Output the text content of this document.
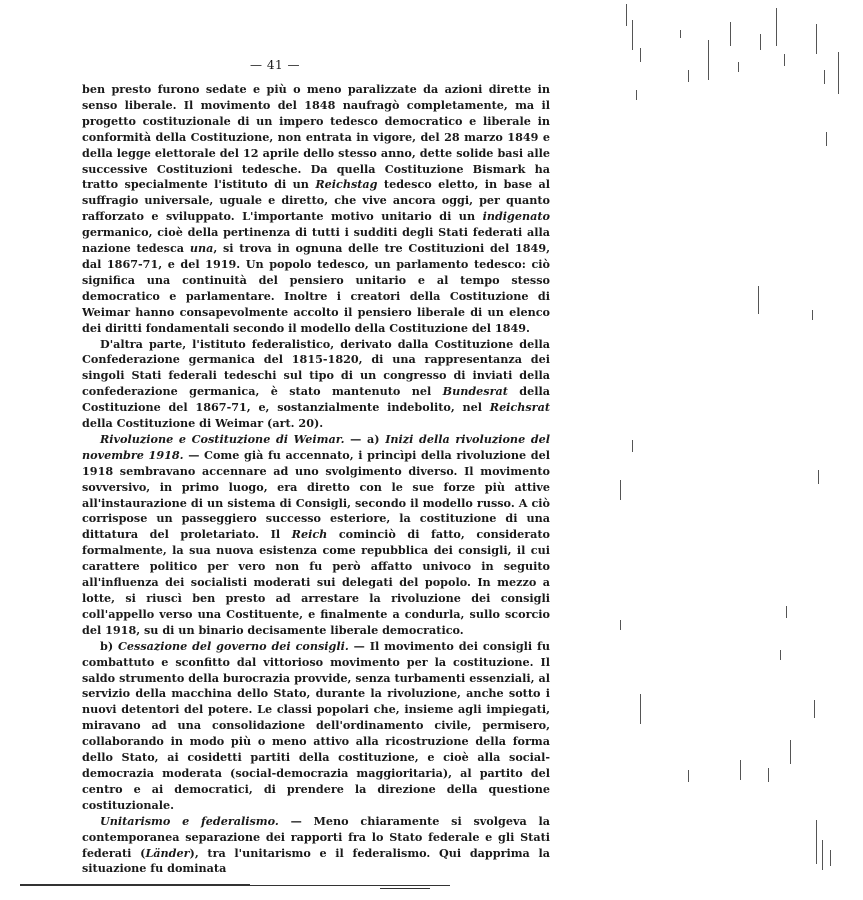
— 41 —

ben presto furono sedate e più o meno paralizzate da azioni dirette in senso liberale. Il movimento del 1848 naufragò completamente, ma il progetto costituzionale di un impero tedesco democratico e liberale in conformità della Costituzione, non entrata in vigore, del 28 marzo 1849 e della legge elettorale del 12 aprile dello stesso anno, dette solide basi alle successive Costituzioni tedesche. Da quella Costituzione Bismark ha tratto specialmente l'istituto di un Reichstag tedesco eletto, in base al suffragio universale, uguale e diretto, che vive ancora oggi, per quanto rafforzato e sviluppato. L'importante motivo unitario di un indigenato germanico, cioè della pertinenza di tutti i sudditi degli Stati federati alla nazione tedesca una, si trova in ognuna delle tre Costituzioni del 1849, dal 1867-71, e del 1919. Un popolo tedesco, un parlamento tedesco: ciò significa una continuità del pensiero unitario e al tempo stesso democratico e parlamentare. Inoltre i creatori della Costituzione di Weimar hanno consapevolmente accolto il pensiero liberale di un elenco dei diritti fondamentali secondo il modello della Costituzione del 1849.

D'altra parte, l'istituto federalistico, derivato dalla Costituzione della Confederazione germanica del 1815-1820, di una rappresentanza dei singoli Stati federali tedeschi sul tipo di un congresso di inviati della confederazione germanica, è stato mantenuto nel Bundesrat della Costituzione del 1867-71, e, sostanzialmente indebolito, nel Reichsrat della Costituzione di Weimar (art. 20).

Rivoluzione e Costituzione di Weimar. — a) Inizi della rivoluzione del novembre 1918. — Come già fu accennato, i princìpi della rivoluzione del 1918 sembravano accennare ad uno svolgimento diverso. Il movimento sovversivo, in primo luogo, era diretto con le sue forze più attive all'instaurazione di un sistema di Consigli, secondo il modello russo. A ciò corrispose un passeggiero successo esteriore, la costituzione di una dittatura del proletariato. Il Reich cominciò di fatto, considerato formalmente, la sua nuova esistenza come repubblica dei consigli, il cui carattere politico per vero non fu però affatto univoco in seguito all'influenza dei socialisti moderati sui delegati del popolo. In mezzo a lotte, si riuscì ben presto ad arrestare la rivoluzione dei consigli coll'appello verso una Costituente, e finalmente a condurla, sullo scorcio del 1918, su di un binario decisamente liberale democratico.

b) Cessazione del governo dei consigli. — Il movimento dei consigli fu combattuto e sconfitto dal vittorioso movimento per la costituzione. Il saldo strumento della burocrazia provvide, senza turbamenti essenziali, al servizio della macchina dello Stato, durante la rivoluzione, anche sotto i nuovi detentori del potere. Le classi popolari che, insieme agli impiegati, miravano ad una consolidazione dell'ordinamento civile, permisero, collaborando in modo più o meno attivo alla ricostruzione della forma dello Stato, ai cosidetti partiti della costituzione, e cioè alla social-democrazia moderata (social-democrazia maggioritaria), al partito del centro e ai democratici, di prendere la direzione della questione costituzionale.

Unitarismo e federalismo. — Meno chiaramente si svolgeva la contemporanea separazione dei rapporti fra lo Stato federale e gli Stati federati (Länder), tra l'unitarismo e il federalismo. Qui dapprima la situazione fu dominata
